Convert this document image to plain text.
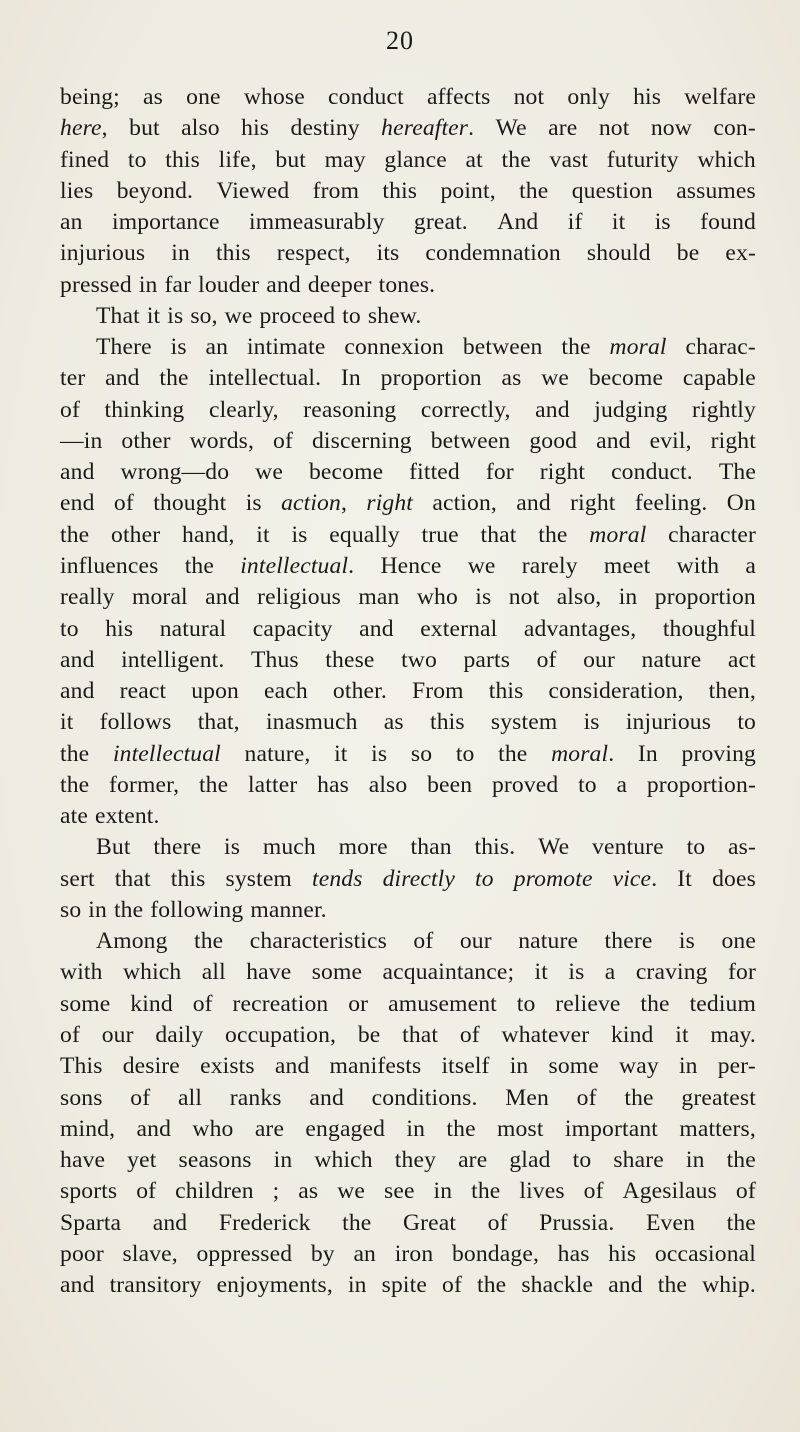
20
being; as one whose conduct affects not only his welfare
here, but also his destiny hereafter. We are not now con-
fined to this life, but may glance at the vast futurity which
lies beyond. Viewed from this point, the question assumes
an importance immeasurably great. And if it is found
injurious in this respect, its condemnation should be ex-
pressed in far louder and deeper tones.
That it is so, we proceed to shew.
There is an intimate connexion between the moral charac-
ter and the intellectual. In proportion as we become capable
of thinking clearly, reasoning correctly, and judging rightly
—in other words, of discerning between good and evil, right
and wrong—do we become fitted for right conduct. The
end of thought is action, right action, and right feeling. On
the other hand, it is equally true that the moral character
influences the intellectual. Hence we rarely meet with a
really moral and religious man who is not also, in proportion
to his natural capacity and external advantages, thoughful
and intelligent. Thus these two parts of our nature act
and react upon each other. From this consideration, then,
it follows that, inasmuch as this system is injurious to
the intellectual nature, it is so to the moral. In proving
the former, the latter has also been proved to a proportion-
ate extent.
But there is much more than this. We venture to as-
sert that this system tends directly to promote vice. It does
so in the following manner.
Among the characteristics of our nature there is one
with which all have some acquaintance; it is a craving for
some kind of recreation or amusement to relieve the tedium
of our daily occupation, be that of whatever kind it may.
This desire exists and manifests itself in some way in per-
sons of all ranks and conditions. Men of the greatest
mind, and who are engaged in the most important matters,
have yet seasons in which they are glad to share in the
sports of children ; as we see in the lives of Agesilaus of
Sparta and Frederick the Great of Prussia. Even the
poor slave, oppressed by an iron bondage, has his occasional
and transitory enjoyments, in spite of the shackle and the whip.
